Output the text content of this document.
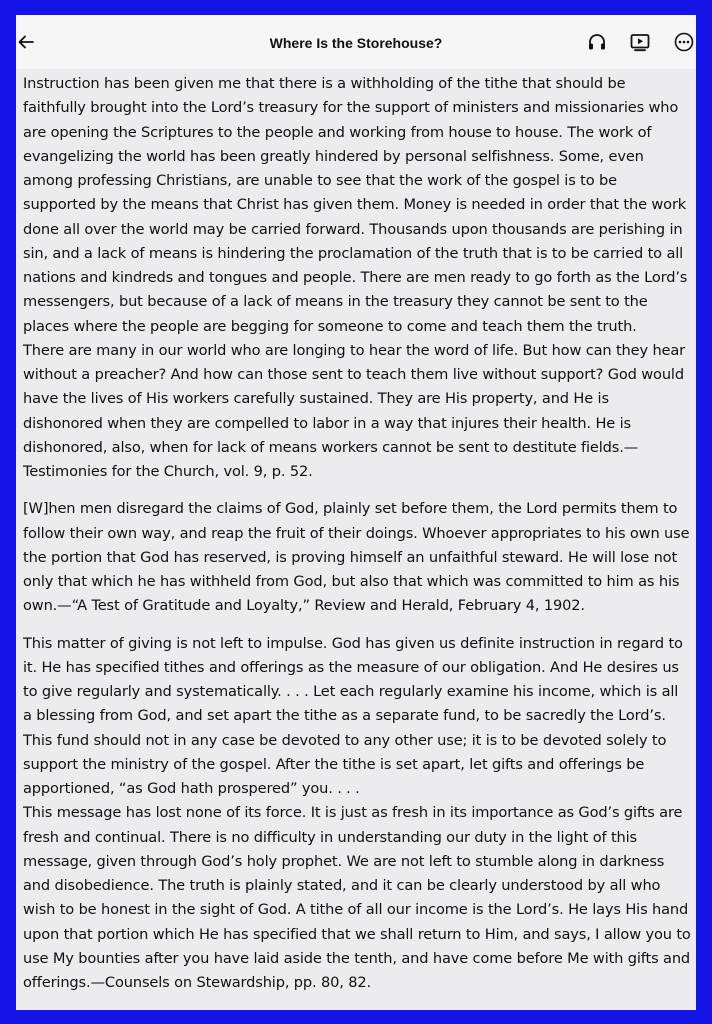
Where Is the Storehouse?

Instruction has been given me that there is a withholding of the tithe that should be faithfully brought into the Lord’s treasury for the support of ministers and missionaries who are opening the Scriptures to the people and working from house to house. The work of evangelizing the world has been greatly hindered by personal selfishness. Some, even among professing Christians, are unable to see that the work of the gospel is to be supported by the means that Christ has given them. Money is needed in order that the work done all over the world may be carried forward. Thousands upon thousands are perishing in sin, and a lack of means is hindering the proclamation of the truth that is to be carried to all nations and kindreds and tongues and people. There are men ready to go forth as the Lord’s messengers, but because of a lack of means in the treasury they cannot be sent to the places where the people are begging for someone to come and teach them the truth.

There are many in our world who are longing to hear the word of life. But how can they hear without a preacher? And how can those sent to teach them live without support? God would have the lives of His workers carefully sustained. They are His property, and He is dishonored when they are compelled to labor in a way that injures their health. He is dishonored, also, when for lack of means workers cannot be sent to destitute fields.—Testimonies for the Church, vol. 9, p. 52.

[W]hen men disregard the claims of God, plainly set before them, the Lord permits them to follow their own way, and reap the fruit of their doings. Whoever appropriates to his own use the portion that God has reserved, is proving himself an unfaithful steward. He will lose not only that which he has withheld from God, but also that which was committed to him as his own.—“A Test of Gratitude and Loyalty,” Review and Herald, February 4, 1902.

This matter of giving is not left to impulse. God has given us definite instruction in regard to it. He has specified tithes and offerings as the measure of our obligation. And He desires us to give regularly and systematically. . . . Let each regularly examine his income, which is all a blessing from God, and set apart the tithe as a separate fund, to be sacredly the Lord’s. This fund should not in any case be devoted to any other use; it is to be devoted solely to support the ministry of the gospel. After the tithe is set apart, let gifts and offerings be apportioned, “as God hath prospered” you. . . .

This message has lost none of its force. It is just as fresh in its importance as God’s gifts are fresh and continual. There is no difficulty in understanding our duty in the light of this message, given through God’s holy prophet. We are not left to stumble along in darkness and disobedience. The truth is plainly stated, and it can be clearly understood by all who wish to be honest in the sight of God. A tithe of all our income is the Lord’s. He lays His hand upon that portion which He has specified that we shall return to Him, and says, I allow you to use My bounties after you have laid aside the tenth, and have come before Me with gifts and offerings.—Counsels on Stewardship, pp. 80, 82.
